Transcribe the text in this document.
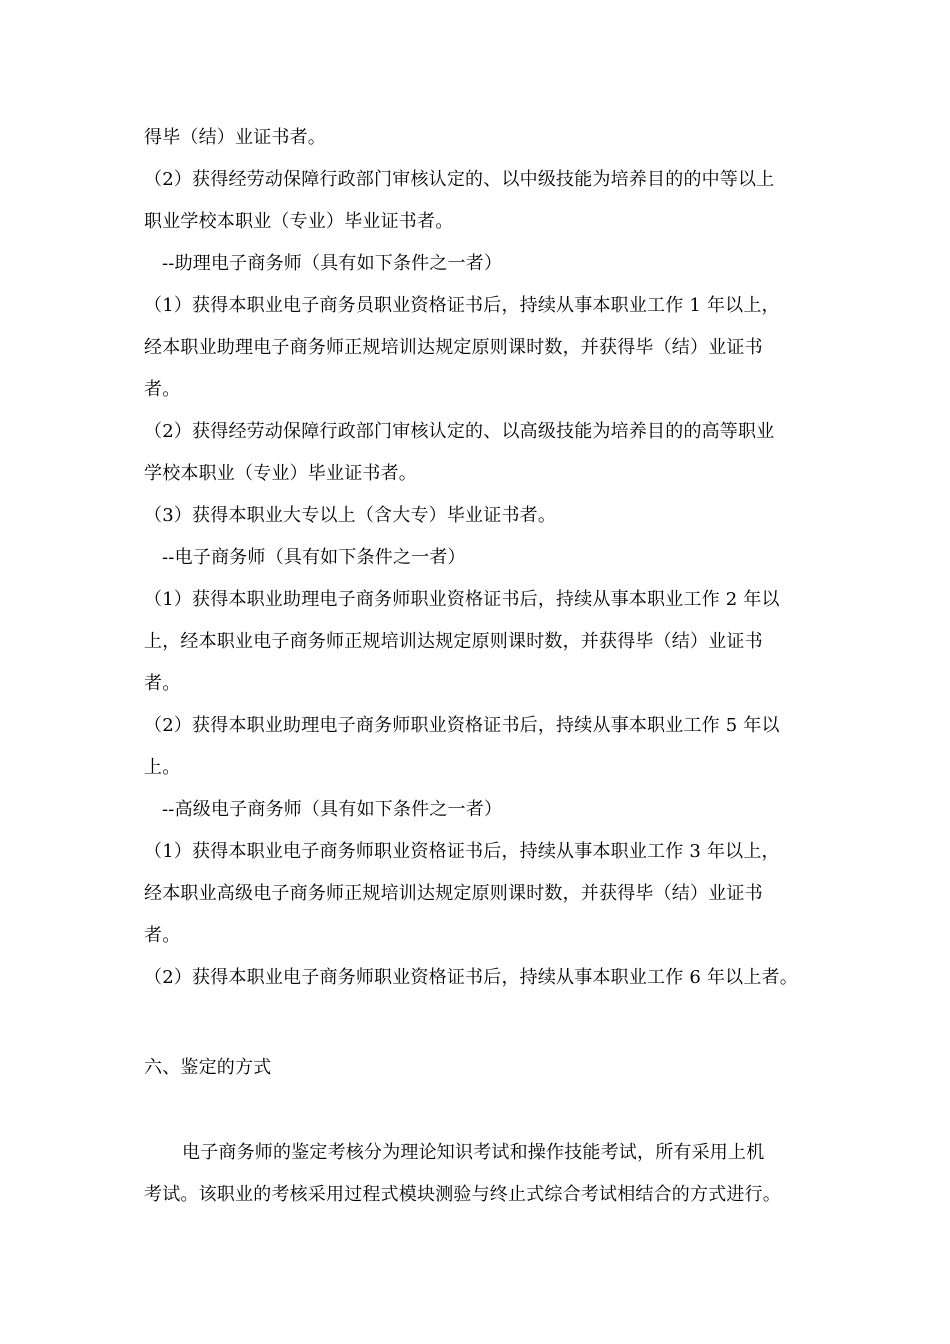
得毕（结）业证书者。
（2）获得经劳动保障行政部门审核认定的、以中级技能为培养目的的中等以上
职业学校本职业（专业）毕业证书者。
--助理电子商务师（具有如下条件之一者）
（1）获得本职业电子商务员职业资格证书后，持续从事本职业工作 1 年以上，
经本职业助理电子商务师正规培训达规定原则课时数，并获得毕（结）业证书
者。
（2）获得经劳动保障行政部门审核认定的、以高级技能为培养目的的高等职业
学校本职业（专业）毕业证书者。
（3）获得本职业大专以上（含大专）毕业证书者。
--电子商务师（具有如下条件之一者）
（1）获得本职业助理电子商务师职业资格证书后，持续从事本职业工作 2 年以
上，经本职业电子商务师正规培训达规定原则课时数，并获得毕（结）业证书
者。
（2）获得本职业助理电子商务师职业资格证书后，持续从事本职业工作 5 年以
上。
--高级电子商务师（具有如下条件之一者）
（1）获得本职业电子商务师职业资格证书后，持续从事本职业工作 3 年以上，
经本职业高级电子商务师正规培训达规定原则课时数，并获得毕（结）业证书
者。
（2）获得本职业电子商务师职业资格证书后，持续从事本职业工作 6 年以上者。
六、鉴定的方式
电子商务师的鉴定考核分为理论知识考试和操作技能考试，所有采用上机
考试。该职业的考核采用过程式模块测验与终止式综合考试相结合的方式进行。
